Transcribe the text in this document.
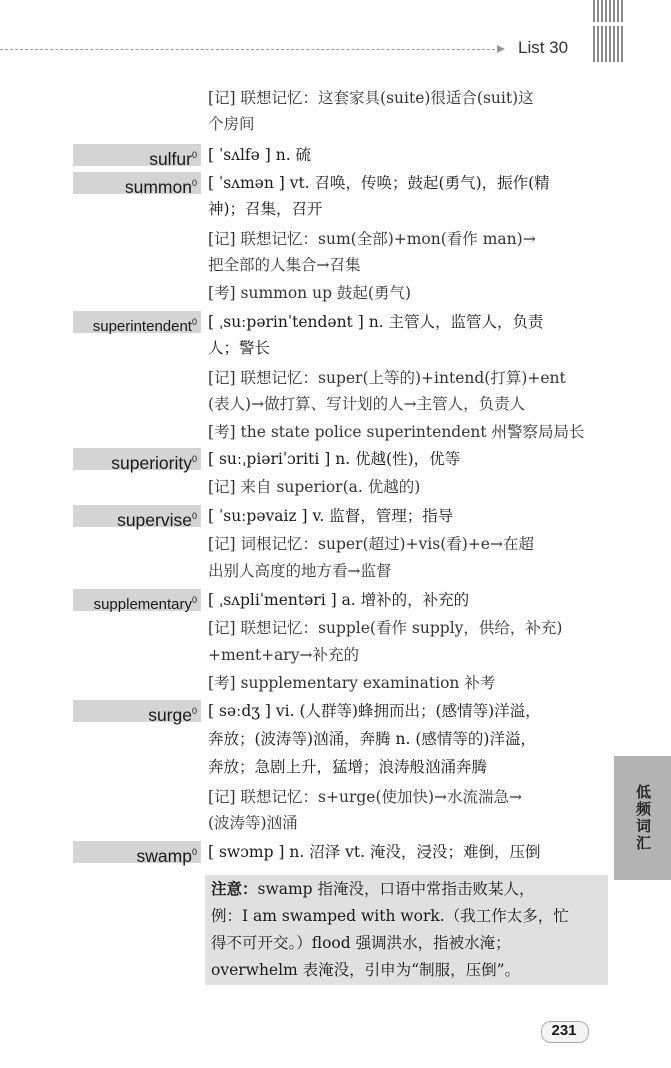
List 30
[记] 联想记忆：这套家具(suite)很适合(suit)这
个房间
sulfur$^0$ [ ˈsʌlfə ] n. 硫
summon$^0$ [ ˈsʌmən ] vt. 召唤，传唤；鼓起(勇气)，振作(精
神)；召集，召开
[记] 联想记忆：sum(全部)+mon(看作 man)→
把全部的人集合→召集
[考] summon up 鼓起(勇气)
superintendent$^0$ [ ˌsuːpərinˈtendənt ] n. 主管人，监管人，负责
人；警长
[记] 联想记忆：super(上等的)+intend(打算)+ent
(表人)→做打算、写计划的人→主管人，负责人
[考] the state police superintendent 州警察局局长
superiority$^0$ [ suːˌpiəriˈɔriti ] n. 优越(性)，优等
[记] 来自 superior(a. 优越的)
supervise$^0$ [ ˈsuːpəvaiz ] v. 监督，管理；指导
[记] 词根记忆：super(超过)+vis(看)+e→在超
出别人高度的地方看→监督
supplementary$^0$ [ ˌsʌpliˈmentəri ] a. 增补的，补充的
[记] 联想记忆：supple(看作 supply，供给，补充)
+ment+ary→补充的
[考] supplementary examination 补考
surge$^0$ [ səːdʒ ] vi. (人群等)蜂拥而出；(感情等)洋溢，
奔放；(波涛等)汹涌，奔腾 n. (感情等的)洋溢，
奔放；急剧上升，猛增；浪涛般汹涌奔腾
[记] 联想记忆：s+urge(使加快)→水流湍急→
(波涛等)汹涌
swamp$^0$ [ swɔmp ] n. 沼泽 vt. 淹没，浸没；难倒，压倒
注意：swamp 指淹没，口语中常指击败某人，
例：I am swamped with work.（我工作太多，忙
得不可开交。）flood 强调洪水，指被水淹；
overwhelm 表淹没，引申为“制服，压倒”。
低频词汇
231
